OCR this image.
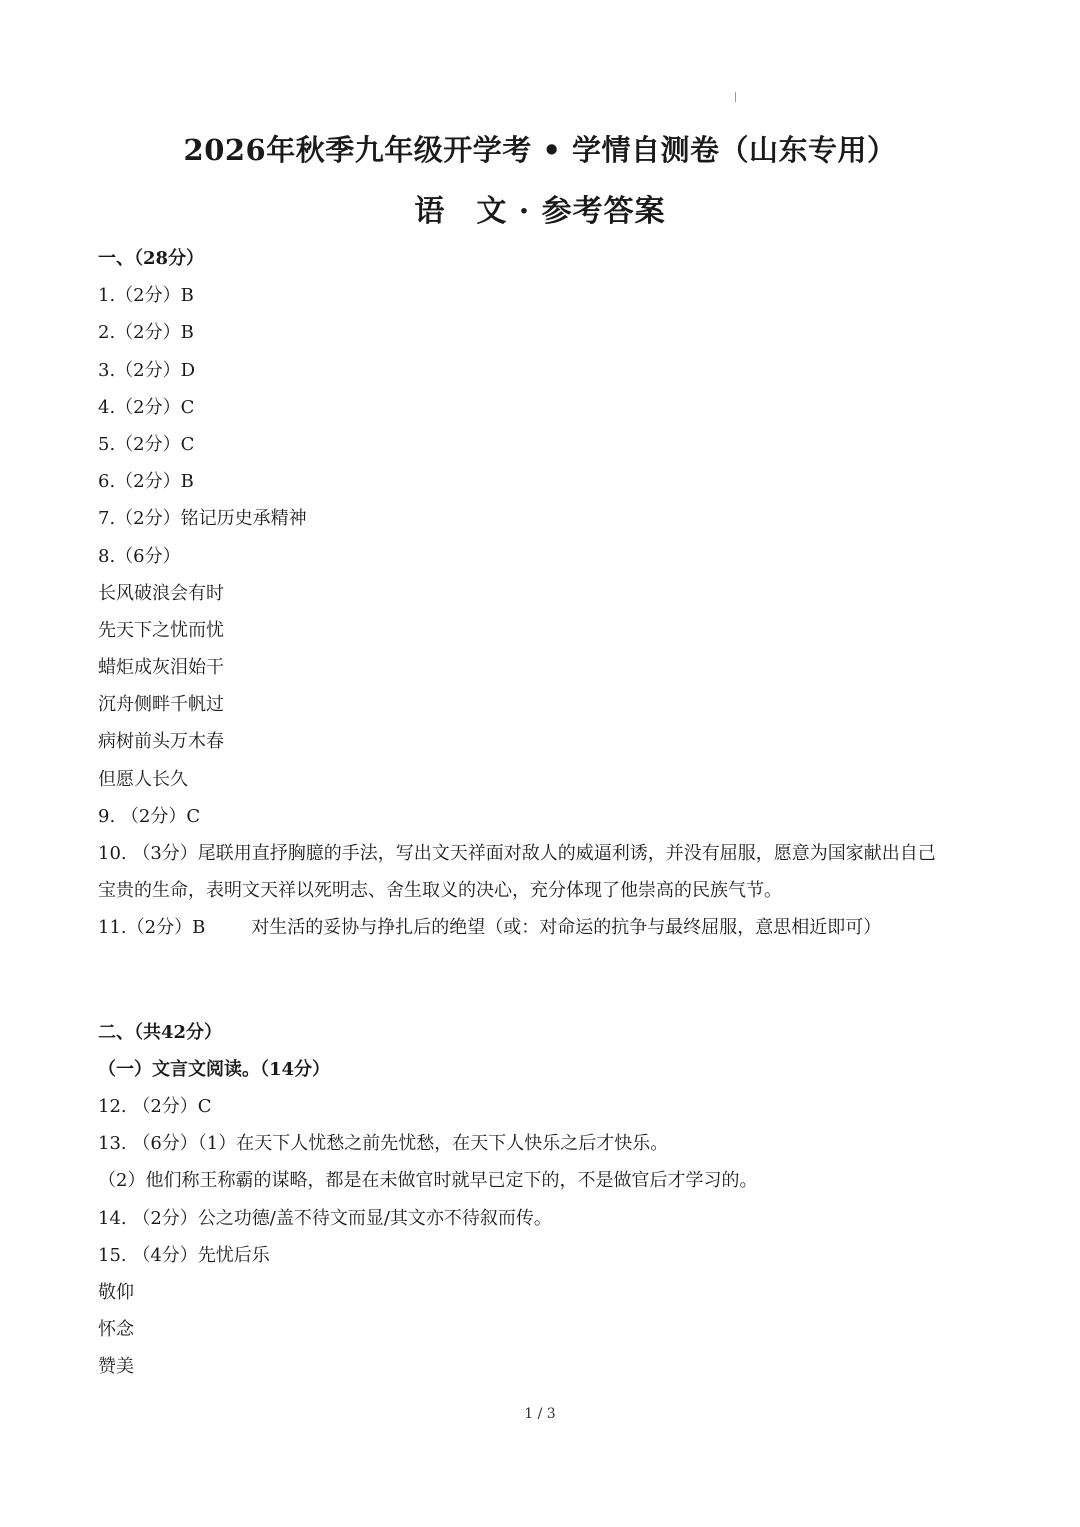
2026年秋季九年级开学考 • 学情自测卷（山东专用）
语　文 · 参考答案
一、（28分）
1.（2分）B
2.（2分）B
3.（2分）D
4.（2分）C
5.（2分）C
6.（2分）B
7.（2分）铭记历史承精神
8.（6分）
长风破浪会有时
先天下之忧而忧
蜡炬成灰泪始干
沉舟侧畔千帆过
病树前头万木春
但愿人长久
9. （2分）C
10. （3分）尾联用直抒胸臆的手法，写出文天祥面对敌人的威逼利诱，并没有屈服，愿意为国家献出自己
宝贵的生命，表明文天祥以死明志、舍生取义的决心，充分体现了他崇高的民族气节。
11.（2分）B	对生活的妥协与挣扎后的绝望（或：对命运的抗争与最终屈服，意思相近即可）
二、（共42分）
（一）文言文阅读。（14分）
12. （2分）C
13. （6分）（1）在天下人忧愁之前先忧愁，在天下人快乐之后才快乐。
（2）他们称王称霸的谋略，都是在未做官时就早已定下的，不是做官后才学习的。
14. （2分）公之功德/盖不待文而显/其文亦不待叙而传。
15. （4分）先忧后乐
敬仰
怀念
赞美
1 / 3
